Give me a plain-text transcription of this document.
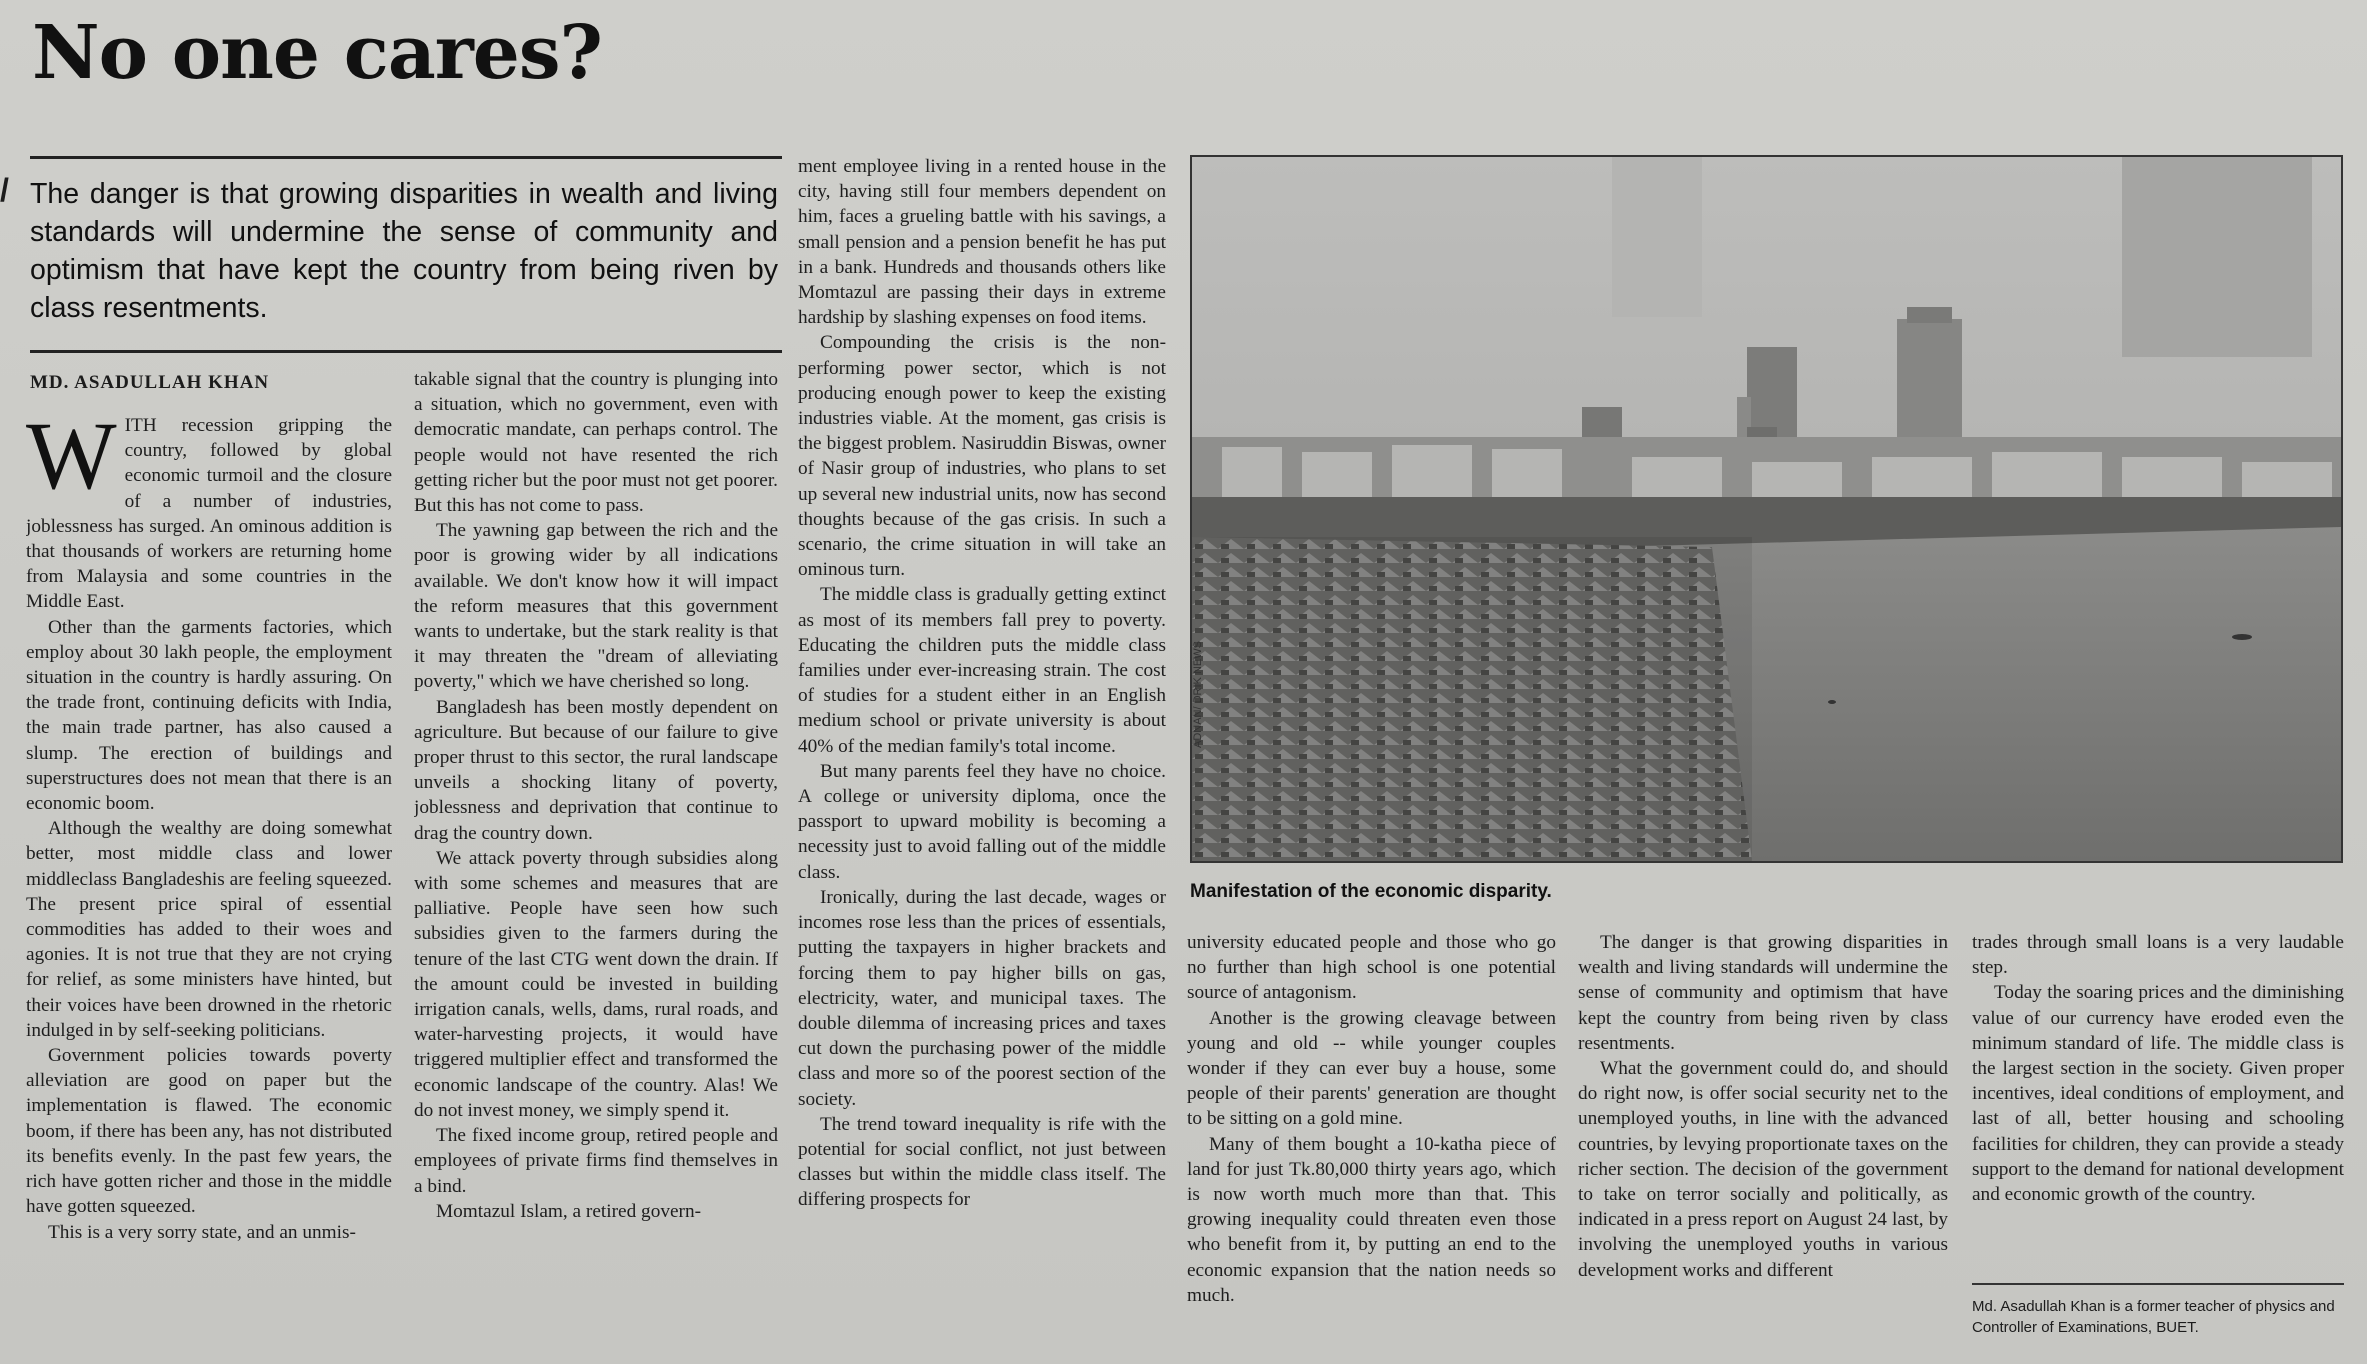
No one cares?
/ The danger is that growing disparities in wealth and living standards will undermine the sense of community and optimism that have kept the country from being riven by class resentments.
MD. ASADULLAH KHAN

WITH recession gripping the country, followed by global economic turmoil and the closure of a number of industries, joblessness has surged. An ominous addition is that thousands of workers are returning home from Malaysia and some countries in the Middle East.

Other than the garments factories, which employ about 30 lakh people, the employment situation in the country is hardly assuring. On the trade front, continuing deficits with India, the main trade partner, has also caused a slump. The erection of buildings and superstructures does not mean that there is an economic boom.

Although the wealthy are doing somewhat better, most middle class and lower middleclass Bangladeshis are feeling squeezed. The present price spiral of essential commodities has added to their woes and agonies. It is not true that they are not crying for relief, as some ministers have hinted, but their voices have been drowned in the rhetoric indulged in by self-seeking politicians.

Government policies towards poverty alleviation are good on paper but the implementation is flawed. The economic boom, if there has been any, has not distributed its benefits evenly. In the past few years, the rich have gotten richer and those in the middle have gotten squeezed.

This is a very sorry state, and an unmis-

takable signal that the country is plunging into a situation, which no government, even with democratic mandate, can perhaps control. The people would not have resented the rich getting richer but the poor must not get poorer. But this has not come to pass.

The yawning gap between the rich and the poor is growing wider by all indications available. We don't know how it will impact the reform measures that this government wants to undertake, but the stark reality is that it may threaten the "dream of alleviating poverty," which we have cherished so long.

Bangladesh has been mostly dependent on agriculture. But because of our failure to give proper thrust to this sector, the rural landscape unveils a shocking litany of poverty, joblessness and deprivation that continue to drag the country down.

We attack poverty through subsidies along with some schemes and measures that are palliative. People have seen how such subsidies given to the farmers during the tenure of the last CTG went down the drain. If the amount could be invested in building irrigation canals, wells, dams, rural roads, and water-harvesting projects, it would have triggered multiplier effect and transformed the economic landscape of the country. Alas! We do not invest money, we simply spend it.

The fixed income group, retired people and employees of private firms find themselves in a bind.

Momtazul Islam, a retired govern-

ment employee living in a rented house in the city, having still four members dependent on him, faces a grueling battle with his savings, a small pension and a pension benefit he has put in a bank. Hundreds and thousands others like Momtazul are passing their days in extreme hardship by slashing expenses on food items.

Compounding the crisis is the non-performing power sector, which is not producing enough power to keep the existing industries viable. At the moment, gas crisis is the biggest problem. Nasiruddin Biswas, owner of Nasir group of industries, who plans to set up several new industrial units, now has second thoughts because of the gas crisis. In such a scenario, the crime situation in will take an ominous turn.

The middle class is gradually getting extinct as most of its members fall prey to poverty. Educating the children puts the middle class families under ever-increasing strain. The cost of studies for a student either in an English medium school or private university is about 40% of the median family's total income.

But many parents feel they have no choice. A college or university diploma, once the passport to upward mobility is becoming a necessity just to avoid falling out of the middle class.

Ironically, during the last decade, wages or incomes rose less than the prices of essentials, putting the taxpayers in higher brackets and forcing them to pay higher bills on gas, electricity, water, and municipal taxes. The double dilemma of increasing prices and taxes cut down the purchasing power of the middle class and more so of the poorest section of the society.

The trend toward inequality is rife with the potential for social conflict, not just between classes but within the middle class itself. The differing prospects for

ADNAN/ DRIK NEWS
Manifestation of the economic disparity.

university educated people and those who go no further than high school is one potential source of antagonism.

Another is the growing cleavage between young and old -- while younger couples wonder if they can ever buy a house, some people of their parents' generation are thought to be sitting on a gold mine.

Many of them bought a 10-katha piece of land for just Tk.80,000 thirty years ago, which is now worth much more than that. This growing inequality could threaten even those who benefit from it, by putting an end to the economic expansion that the nation needs so much.

The danger is that growing disparities in wealth and living standards will undermine the sense of community and optimism that have kept the country from being riven by class resentments.

What the government could do, and should do right now, is offer social security net to the unemployed youths, in line with the advanced countries, by levying proportionate taxes on the richer section. The decision of the government to take on terror socially and politically, as indicated in a press report on August 24 last, by involving the unemployed youths in various development works and different

trades through small loans is a very laudable step.

Today the soaring prices and the diminishing value of our currency have eroded even the minimum standard of life. The middle class is the largest section in the society. Given proper incentives, ideal conditions of employment, and last of all, better housing and schooling facilities for children, they can provide a steady support to the demand for national development and economic growth of the country.

Md. Asadullah Khan is a former teacher of physics and Controller of Examinations, BUET.
